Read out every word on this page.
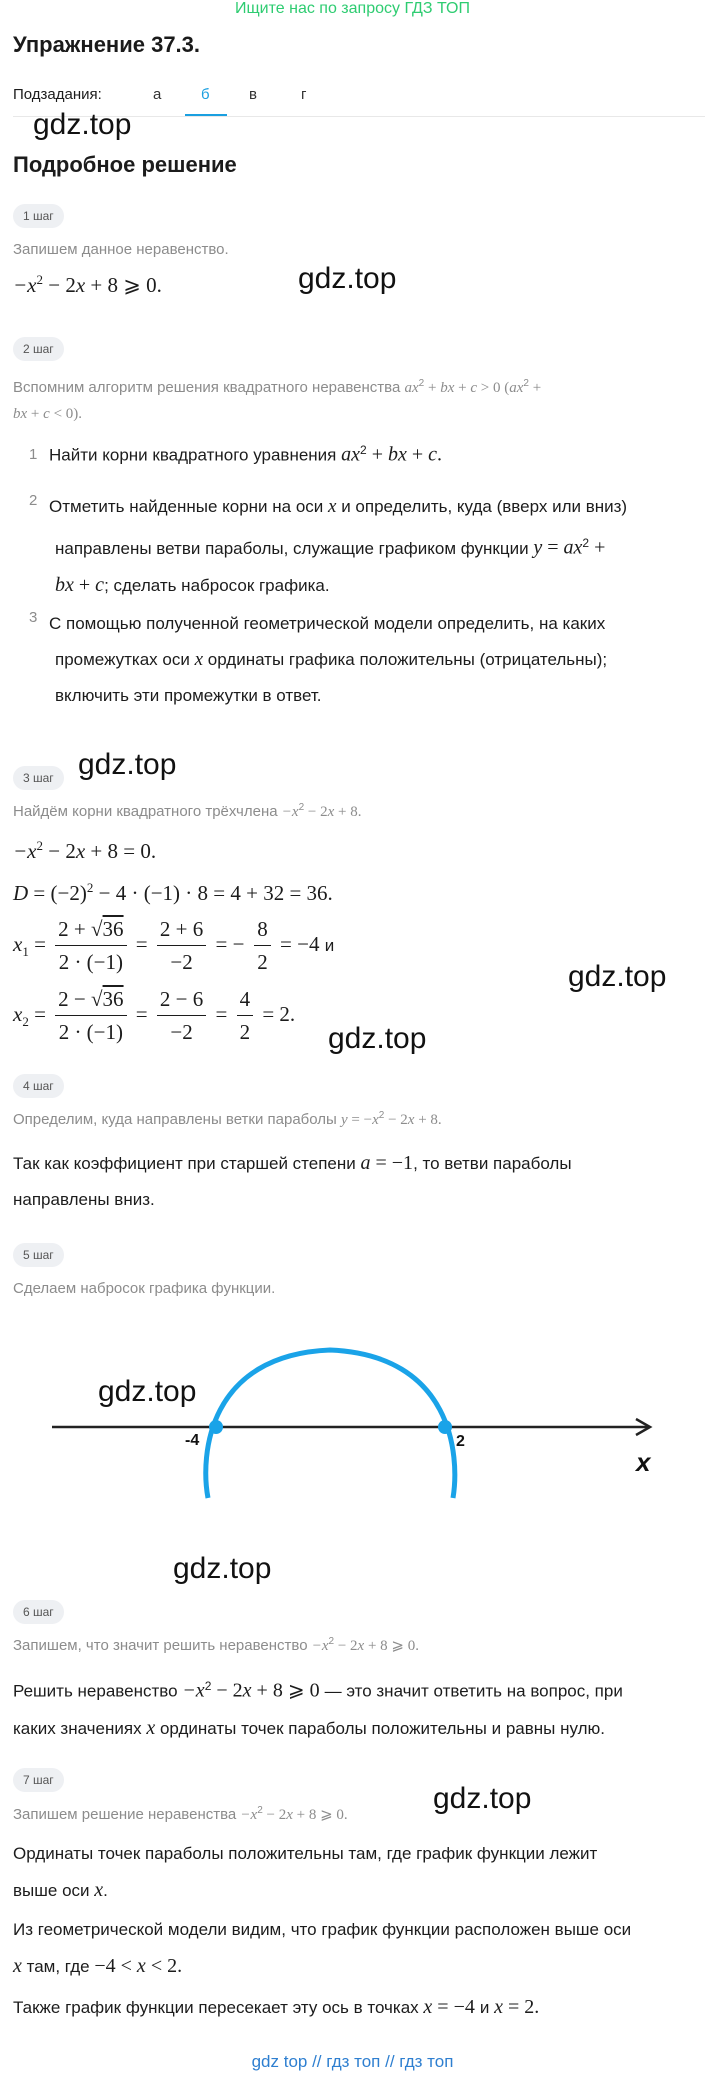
Ищите нас по запросу ГДЗ ТОП
Упражнение 37.3.
Подзадания:	а	б	в	г
gdz.top
gdz.top
gdz.top
gdz.top
gdz.top
gdz.top
gdz.top
gdz.top
Подробное решение
1 шаг
Запишем данное неравенство.
$-x^2 - 2x + 8$ ⩾ 0.
2 шаг
Вспомним алгоритм решения квадратного неравенства $ax^2$ + bx + c > 0 ($ax^2$ +
bx + c < 0).
1 Найти корни квадратного уравнения $ax^2$ + bx + c.
2 Отметить найденные корни на оси x и определить, куда (вверх или вниз)
направлены ветви параболы, служащие графиком функции $y = ax^2$ +
bx + c; сделать набросок графика.
3 С помощью полученной геометрической модели определить, на каких
промежутках оси x ординаты графика положительны (отрицательны);
включить эти промежутки в ответ.
3 шаг
Найдём корни квадратного трёхчлена $-x^2 - 2x + 8$.
$-x^2 - 2x + 8 = 0$.
$D = (-2)^2 - 4 \cdot (-1) \cdot 8 = 4 + 32 = 36$.
$x_1 = \frac{2 + √36}{2 \cdot (-1)} = \frac{2 + 6}{-2}$ = − $\frac{8}{2} = -4$ и
$x_2 = \frac{2 - √36}{2 \cdot (-1)} = \frac{2 - 6}{-2} = \frac{4}{2} = 2$.
4 шаг
Определим, куда направлены ветки параболы $y = -x^2 - 2x + 8$.
Так как коэффициент при старшей степени a = −1, то ветви параболы
направлены вниз.
5 шаг
Сделаем набросок графика функции.
-4	2
x
6 шаг
Запишем, что значит решить неравенство $-x^2 - 2x + 8$ ⩾ 0.
Решить неравенство $-x^2 - 2x + 8$ ⩾ 0 — это значит ответить на вопрос, при
каких значениях x ординаты точек параболы положительны и равны нулю.
7 шаг
Запишем решение неравенства $-x^2 - 2x + 8$ ⩾ 0.
Ординаты точек параболы положительны там, где график функции лежит
выше оси x.
Из геометрической модели видим, что график функции расположен выше оси
x там, где −4 < x < 2.
Также график функции пересекает эту ось в точках x = −4 и x = 2.
gdz top // гдз топ // гдз топ
